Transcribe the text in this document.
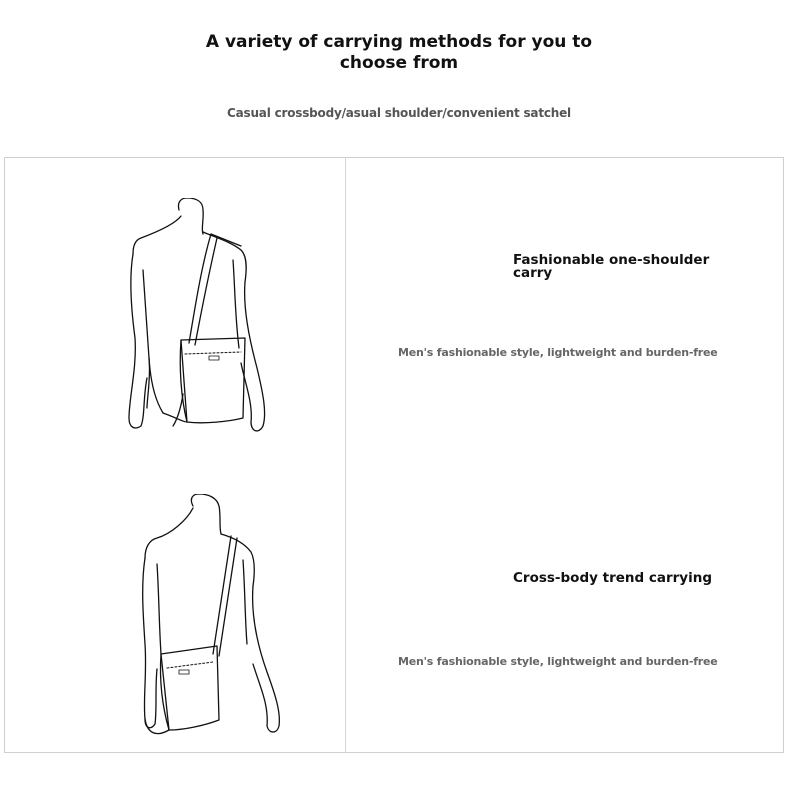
A variety of carrying methods for you to choose from
Casual crossbody/asual shoulder/convenient satchel
Fashionable one-shoulder carry
Men's fashionable style, lightweight and burden-free
Cross-body trend carrying
Men's fashionable style, lightweight and burden-free
